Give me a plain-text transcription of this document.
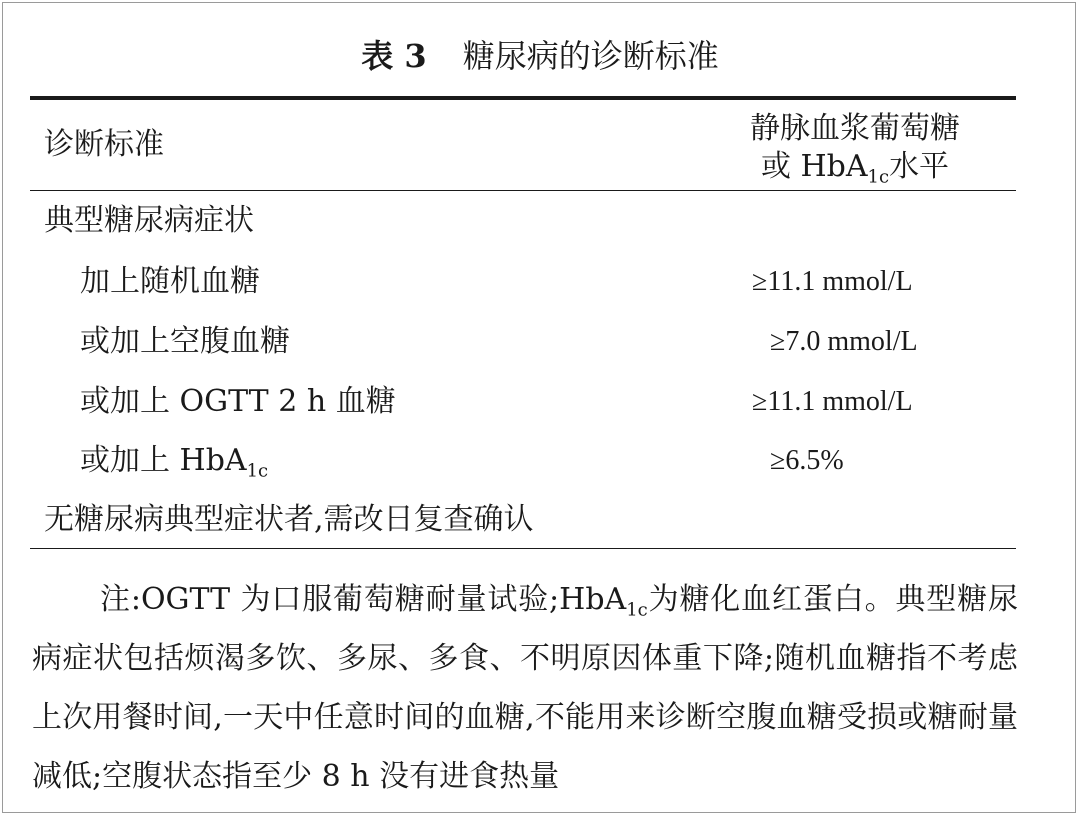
表 3 糖尿病的诊断标准
诊断标准	静脉血浆葡萄糖
或 HbA$_{1c}$水平
典型糖尿病症状
加上随机血糖	≥11.1 mmol/L
或加上空腹血糖	≥7.0 mmol/L
或加上 OGTT 2 h 血糖	≥11.1 mmol/L
或加上 HbA$_{1c}$	≥6.5%
无糖尿病典型症状者,需改日复查确认
注:OGTT 为口服葡萄糖耐量试验;HbA$_{1c}$为糖化血红蛋白。典型糖尿病症状包括烦渴多饮、多尿、多食、不明原因体重下降;随机血糖指不考虑上次用餐时间,一天中任意时间的血糖,不能用来诊断空腹血糖受损或糖耐量减低;空腹状态指至少 8 h 没有进食热量
